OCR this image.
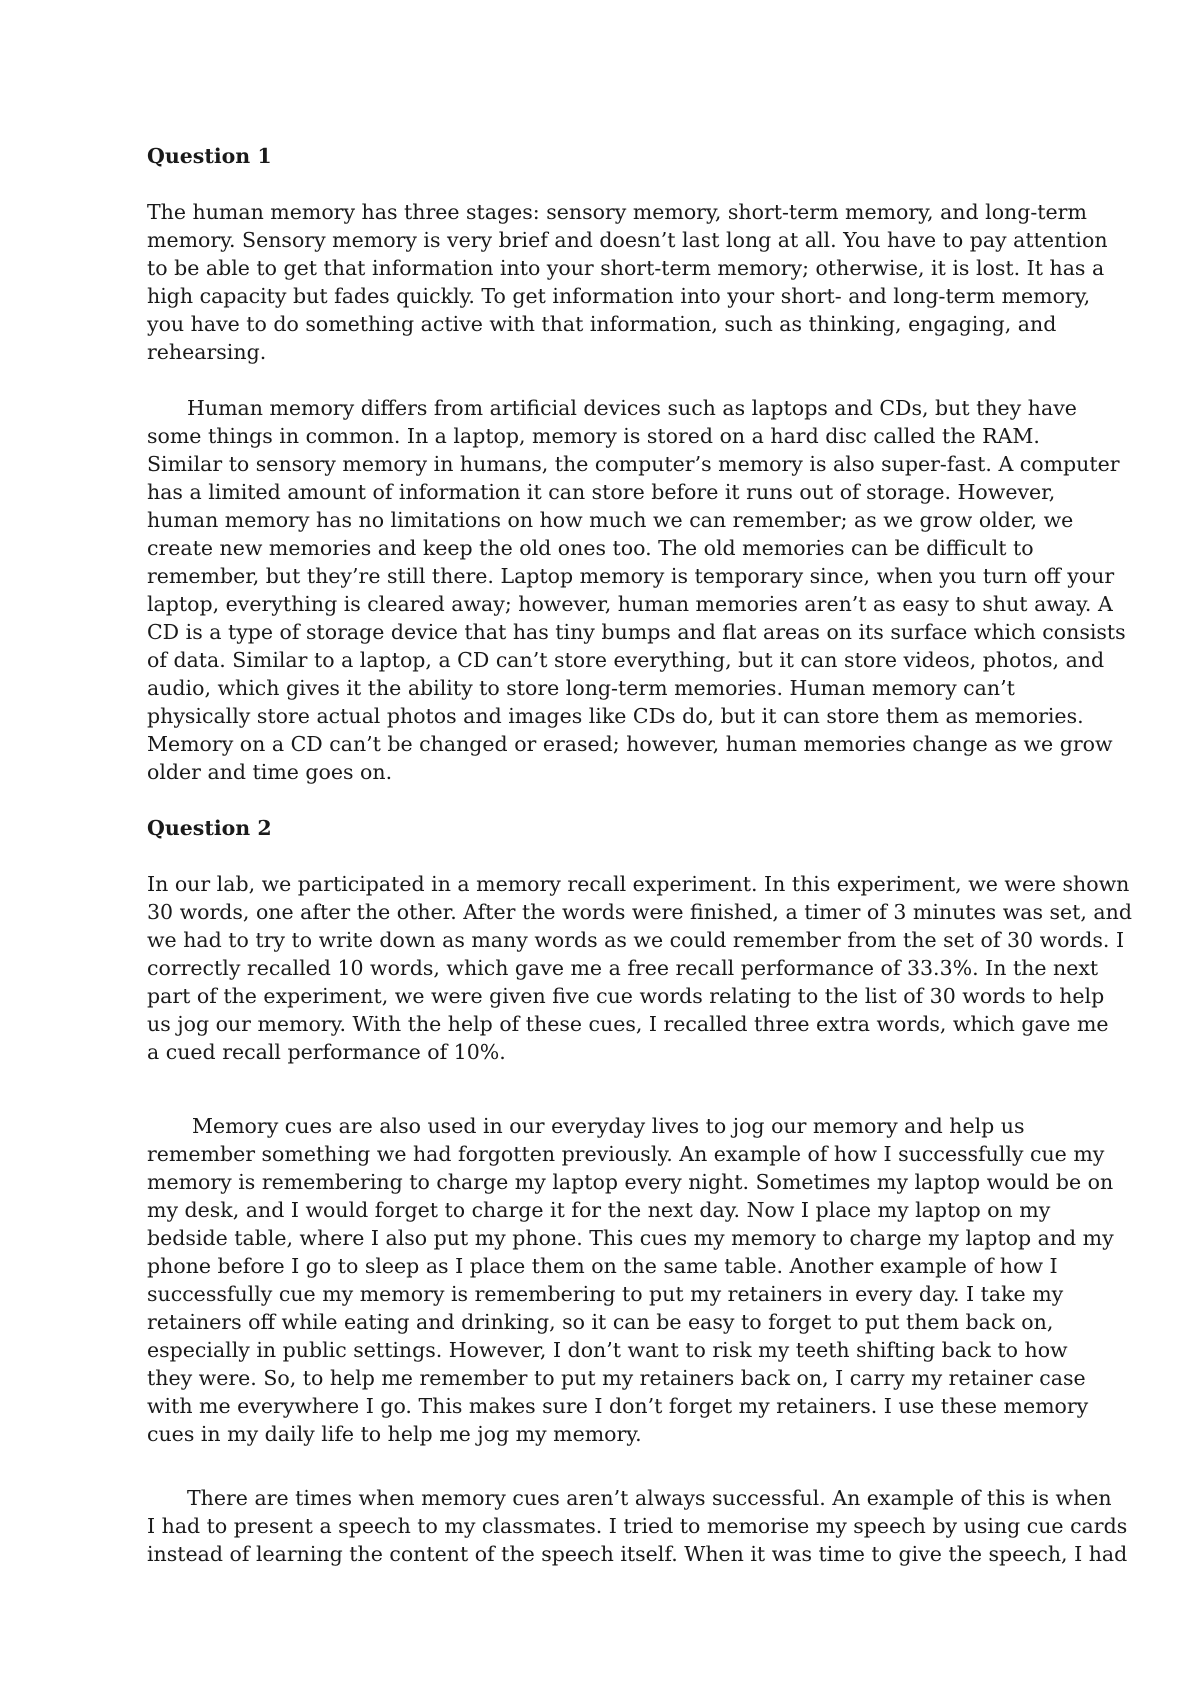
Question 1
The human memory has three stages: sensory memory, short-term memory, and long-term
memory. Sensory memory is very brief and doesn’t last long at all. You have to pay attention
to be able to get that information into your short-term memory; otherwise, it is lost. It has a
high capacity but fades quickly. To get information into your short- and long-term memory,
you have to do something active with that information, such as thinking, engaging, and
rehearsing.
Human memory differs from artificial devices such as laptops and CDs, but they have
some things in common. In a laptop, memory is stored on a hard disc called the RAM.
Similar to sensory memory in humans, the computer’s memory is also super-fast. A computer
has a limited amount of information it can store before it runs out of storage. However,
human memory has no limitations on how much we can remember; as we grow older, we
create new memories and keep the old ones too. The old memories can be difficult to
remember, but they’re still there. Laptop memory is temporary since, when you turn off your
laptop, everything is cleared away; however, human memories aren’t as easy to shut away. A
CD is a type of storage device that has tiny bumps and flat areas on its surface which consists
of data. Similar to a laptop, a CD can’t store everything, but it can store videos, photos, and
audio, which gives it the ability to store long-term memories. Human memory can’t
physically store actual photos and images like CDs do, but it can store them as memories.
Memory on a CD can’t be changed or erased; however, human memories change as we grow
older and time goes on.
Question 2
In our lab, we participated in a memory recall experiment. In this experiment, we were shown
30 words, one after the other. After the words were finished, a timer of 3 minutes was set, and
we had to try to write down as many words as we could remember from the set of 30 words. I
correctly recalled 10 words, which gave me a free recall performance of 33.3%. In the next
part of the experiment, we were given five cue words relating to the list of 30 words to help
us jog our memory. With the help of these cues, I recalled three extra words, which gave me
a cued recall performance of 10%.
Memory cues are also used in our everyday lives to jog our memory and help us
remember something we had forgotten previously. An example of how I successfully cue my
memory is remembering to charge my laptop every night. Sometimes my laptop would be on
my desk, and I would forget to charge it for the next day. Now I place my laptop on my
bedside table, where I also put my phone. This cues my memory to charge my laptop and my
phone before I go to sleep as I place them on the same table. Another example of how I
successfully cue my memory is remembering to put my retainers in every day. I take my
retainers off while eating and drinking, so it can be easy to forget to put them back on,
especially in public settings. However, I don’t want to risk my teeth shifting back to how
they were. So, to help me remember to put my retainers back on, I carry my retainer case
with me everywhere I go. This makes sure I don’t forget my retainers. I use these memory
cues in my daily life to help me jog my memory.
There are times when memory cues aren’t always successful. An example of this is when
I had to present a speech to my classmates. I tried to memorise my speech by using cue cards
instead of learning the content of the speech itself. When it was time to give the speech, I had
